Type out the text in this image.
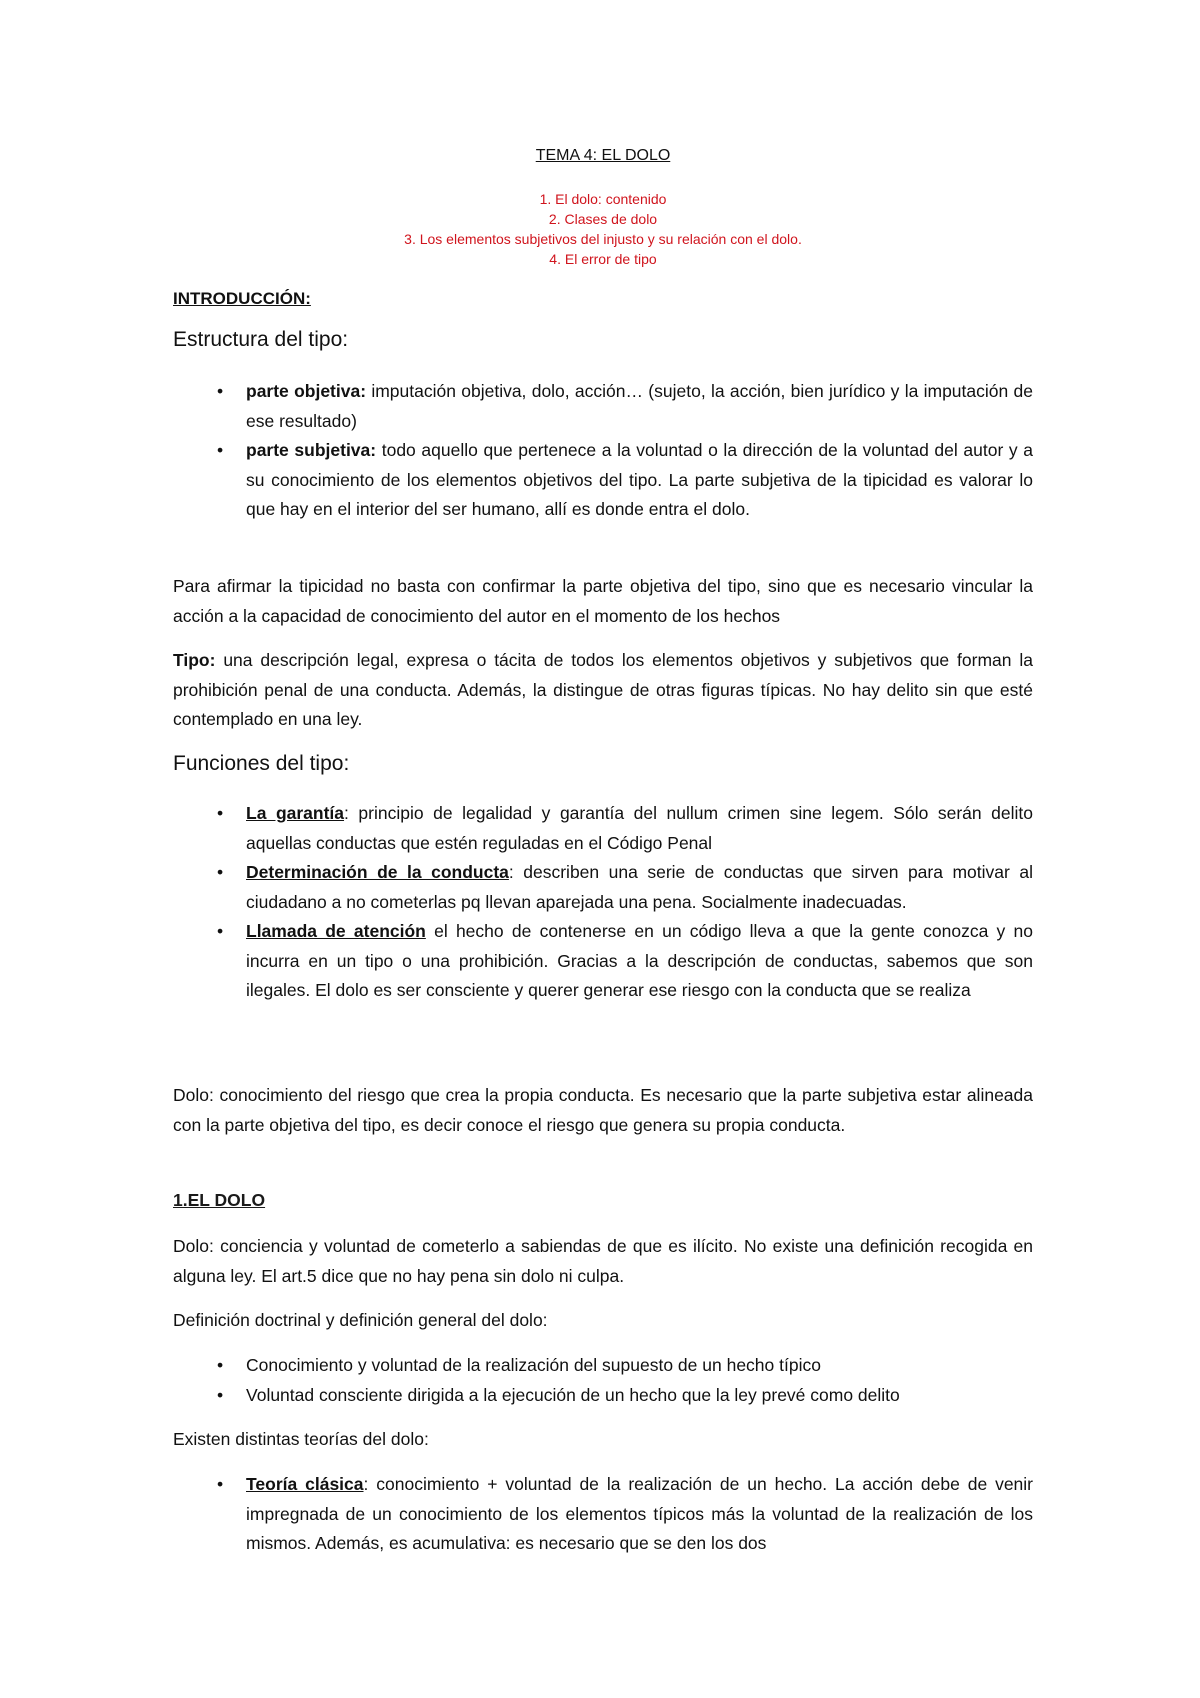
TEMA 4: EL DOLO
1. El dolo: contenido
2. Clases de dolo
3. Los elementos subjetivos del injusto y su relación con el dolo.
4. El error de tipo
INTRODUCCIÓN:
Estructura del tipo:
• parte objetiva: imputación objetiva, dolo, acción… (sujeto, la acción, bien jurídico y la imputación de ese resultado)
• parte subjetiva: todo aquello que pertenece a la voluntad o la dirección de la voluntad del autor y a su conocimiento de los elementos objetivos del tipo. La parte subjetiva de la tipicidad es valorar lo que hay en el interior del ser humano, allí es donde entra el dolo.

Para afirmar la tipicidad no basta con confirmar la parte objetiva del tipo, sino que es necesario vincular la acción a la capacidad de conocimiento del autor en el momento de los hechos

Tipo: una descripción legal, expresa o tácita de todos los elementos objetivos y subjetivos que forman la prohibición penal de una conducta. Además, la distingue de otras figuras típicas. No hay delito sin que esté contemplado en una ley.

Funciones del tipo:
• La garantía: principio de legalidad y garantía del nullum crimen sine legem. Sólo serán delito aquellas conductas que estén reguladas en el Código Penal
• Determinación de la conducta: describen una serie de conductas que sirven para motivar al ciudadano a no cometerlas pq llevan aparejada una pena. Socialmente inadecuadas.
• Llamada de atención el hecho de contenerse en un código lleva a que la gente conozca y no incurra en un tipo o una prohibición. Gracias a la descripción de conductas, sabemos que son ilegales. El dolo es ser consciente y querer generar ese riesgo con la conducta que se realiza

Dolo: conocimiento del riesgo que crea la propia conducta. Es necesario que la parte subjetiva estar alineada con la parte objetiva del tipo, es decir conoce el riesgo que genera su propia conducta.

1.EL DOLO

Dolo: conciencia y voluntad de cometerlo a sabiendas de que es ilícito. No existe una definición recogida en alguna ley. El art.5 dice que no hay pena sin dolo ni culpa.

Definición doctrinal y definición general del dolo:

• Conocimiento y voluntad de la realización del supuesto de un hecho típico
• Voluntad consciente dirigida a la ejecución de un hecho que la ley prevé como delito

Existen distintas teorías del dolo:

• Teoría clásica: conocimiento + voluntad de la realización de un hecho. La acción debe de venir impregnada de un conocimiento de los elementos típicos más la voluntad de la realización de los mismos. Además, es acumulativa: es necesario que se den los dos
